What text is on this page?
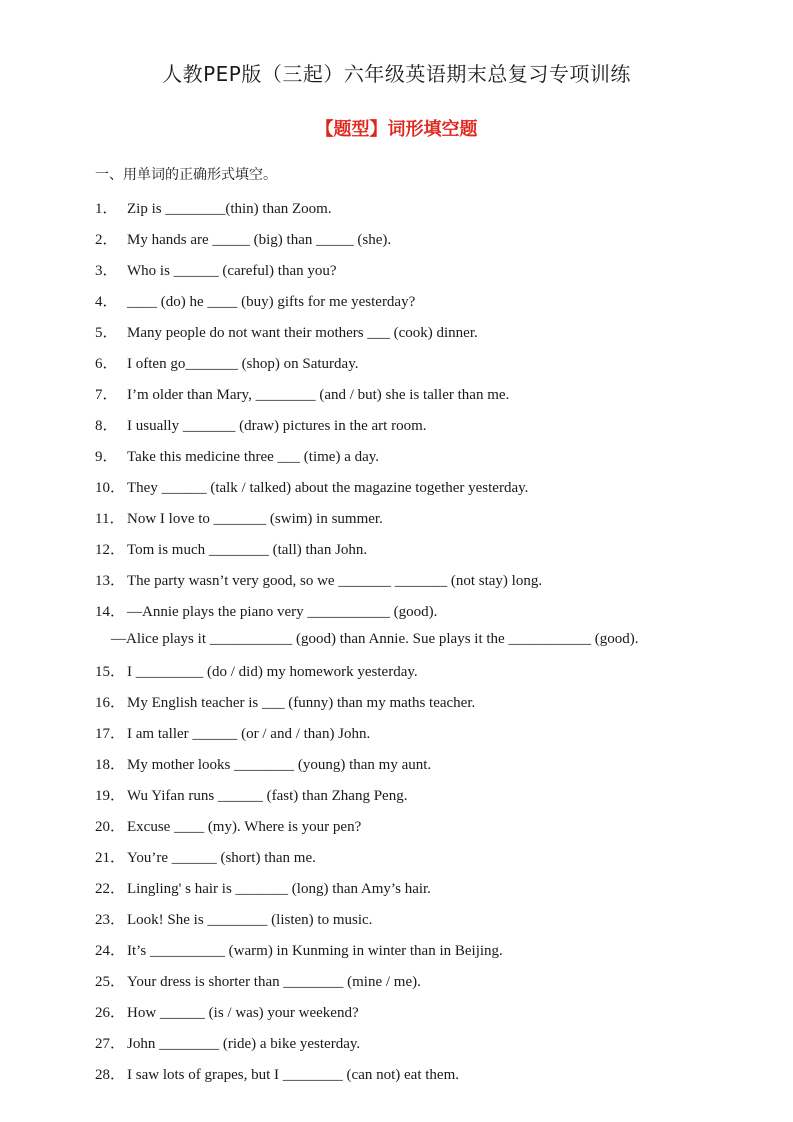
人教PEP版（三起）六年级英语期末总复习专项训练
【题型】词形填空题
一、用单词的正确形式填空。
1． Zip is ________(thin) than Zoom.
2． My hands are _____ (big) than _____ (she).
3． Who is ______ (careful) than you?
4． ____ (do) he ____ (buy) gifts for me yesterday?
5． Many people do not want their mothers ___ (cook) dinner.
6． I often go_______ (shop) on Saturday.
7． I’m older than Mary, ________ (and / but) she is taller than me.
8． I usually _______ (draw) pictures in the art room.
9． Take this medicine three ___ (time) a day.
10． They ______ (talk / talked) about the magazine together yesterday.
11． Now I love to _______ (swim) in summer.
12． Tom is much ________ (tall) than John.
13． The party wasn’t very good, so we _______ _______ (not stay) long.
14． —Annie plays the piano very ___________ (good).
—Alice plays it ___________ (good) than Annie. Sue plays it the ___________ (good).
15． I _________ (do / did) my homework yesterday.
16． My English teacher is ___ (funny) than my maths teacher.
17． I am taller ______ (or / and / than) John.
18． My mother looks ________ (young) than my aunt.
19． Wu Yifan runs ______ (fast) than Zhang Peng.
20． Excuse ____ (my). Where is your pen?
21． You’re ______ (short) than me.
22． Lingling' s hair is _______ (long) than Amy’s hair.
23． Look! She is ________ (listen) to music.
24． It’s __________ (warm) in Kunming in winter than in Beijing.
25． Your dress is shorter than ________ (mine / me).
26． How ______ (is / was) your weekend?
27． John ________ (ride) a bike yesterday.
28． I saw lots of grapes, but I ________ (can not) eat them.
